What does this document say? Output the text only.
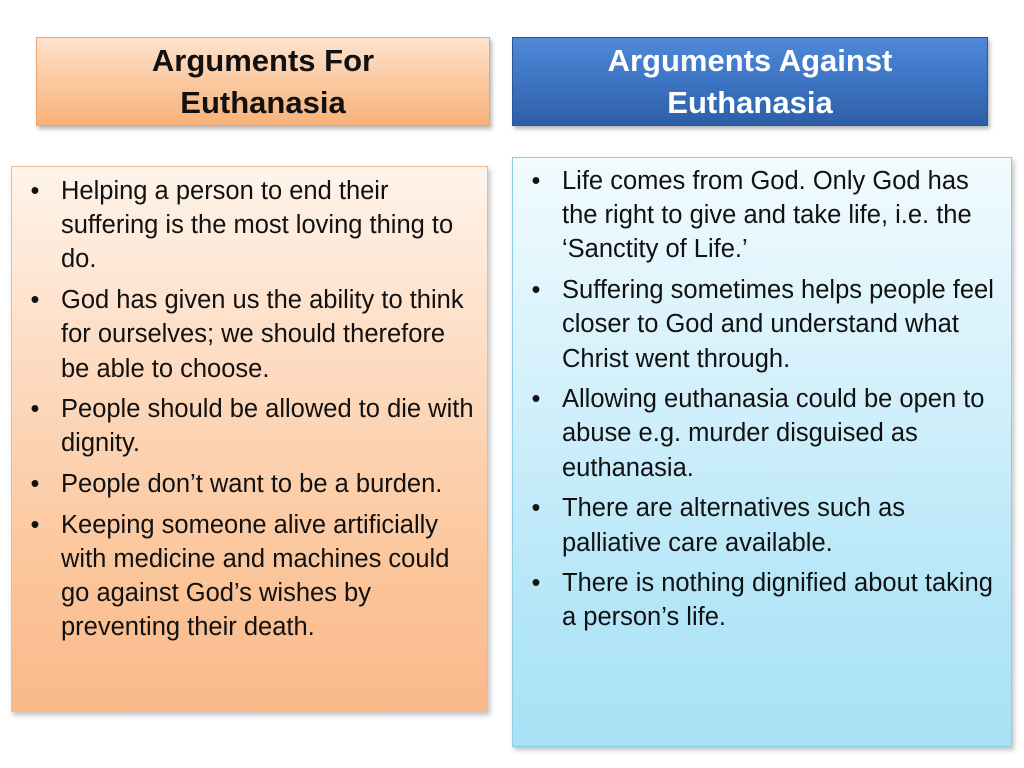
Arguments For Euthanasia
Arguments Against Euthanasia
• Helping a person to end their suffering is the most loving thing to do.
• God has given us the ability to think for ourselves; we should therefore be able to choose.
• People should be allowed to die with dignity.
• People don’t want to be a burden.
• Keeping someone alive artificially with medicine and machines could go against God’s wishes by preventing their death.
• Life comes from God. Only God has the right to give and take life, i.e. the ‘Sanctity of Life.’
• Suffering sometimes helps people feel closer to God and understand what Christ went through.
• Allowing euthanasia could be open to abuse e.g. murder disguised as euthanasia.
• There are alternatives such as palliative care available.
• There is nothing dignified about taking a person’s life.
